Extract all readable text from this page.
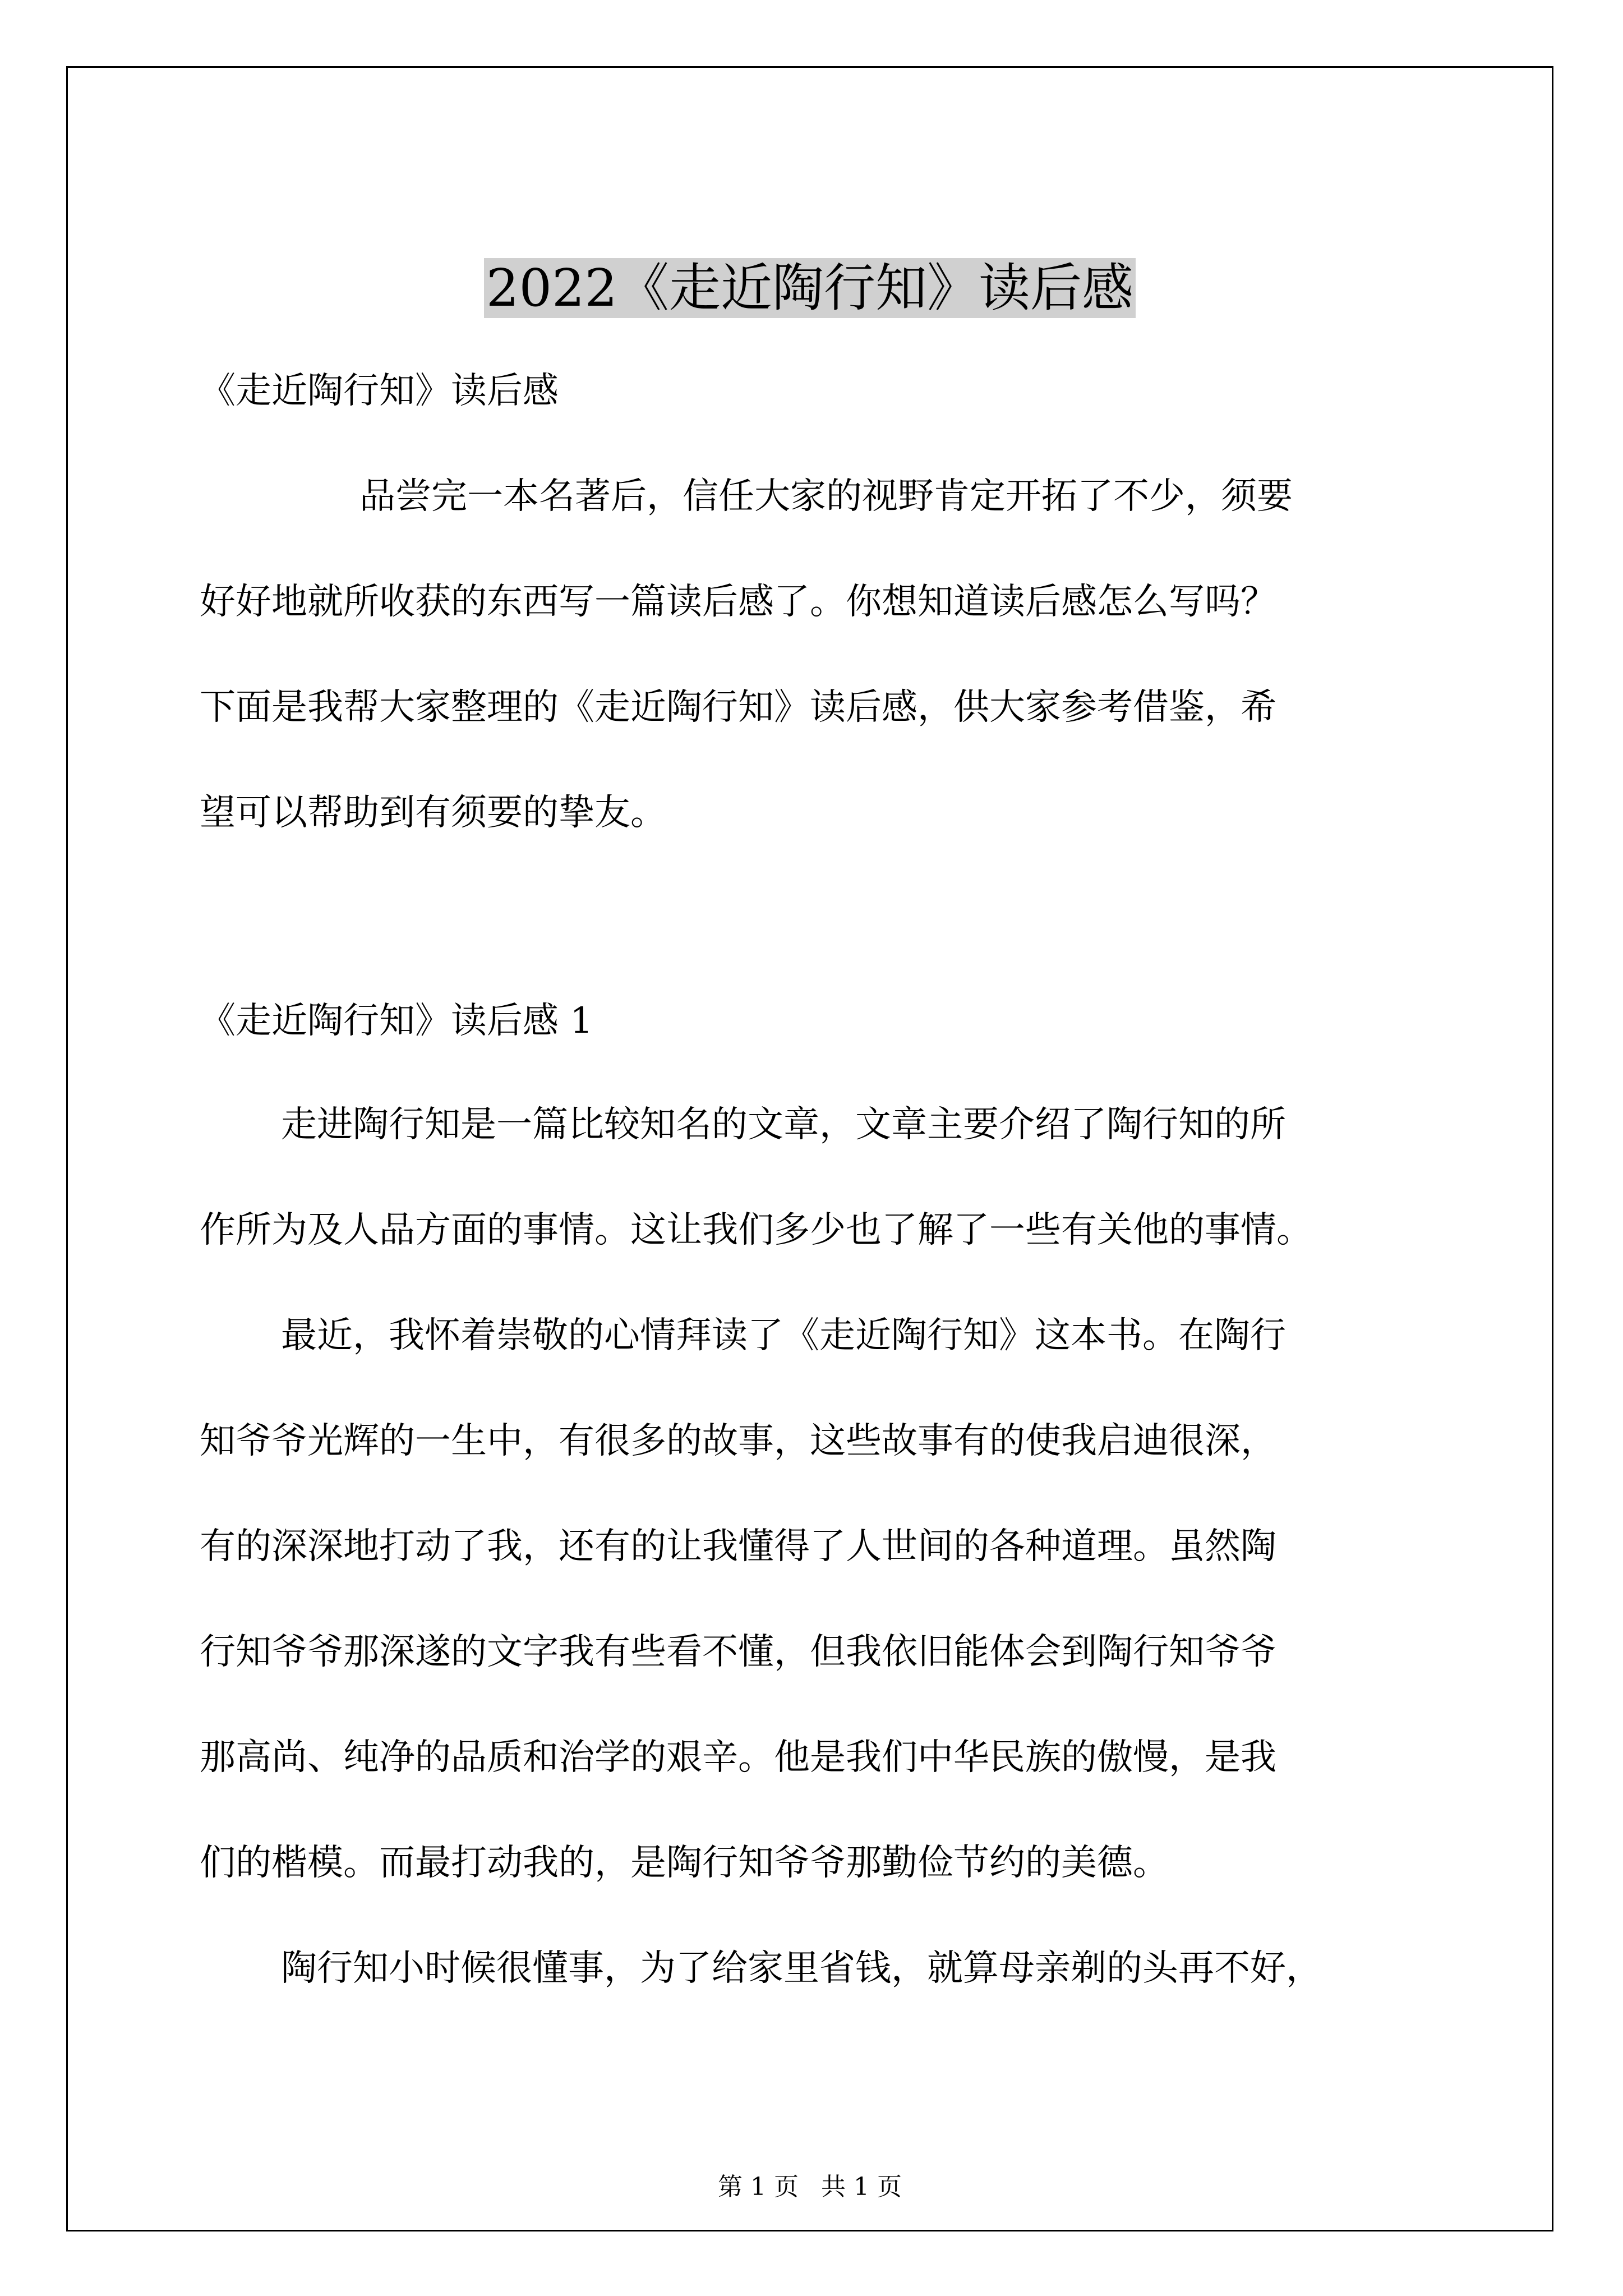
2022《走近陶行知》读后感

《走近陶行知》读后感

品尝完一本名著后，信任大家的视野肯定开拓了不少，须要
好好地就所收获的东西写一篇读后感了。你想知道读后感怎么写吗？
下面是我帮大家整理的《走近陶行知》读后感，供大家参考借鉴，希
望可以帮助到有须要的挚友。

《走近陶行知》读后感 1

走进陶行知是一篇比较知名的文章，文章主要介绍了陶行知的所
作所为及人品方面的事情。这让我们多少也了解了一些有关他的事情。
最近，我怀着崇敬的心情拜读了《走近陶行知》这本书。在陶行
知爷爷光辉的一生中，有很多的故事，这些故事有的使我启迪很深，
有的深深地打动了我，还有的让我懂得了人世间的各种道理。虽然陶
行知爷爷那深遂的文字我有些看不懂，但我依旧能体会到陶行知爷爷
那高尚、纯净的品质和治学的艰辛。他是我们中华民族的傲慢，是我
们的楷模。而最打动我的，是陶行知爷爷那勤俭节约的美德。
陶行知小时候很懂事，为了给家里省钱，就算母亲剃的头再不好，
第 1 页 共 1 页
